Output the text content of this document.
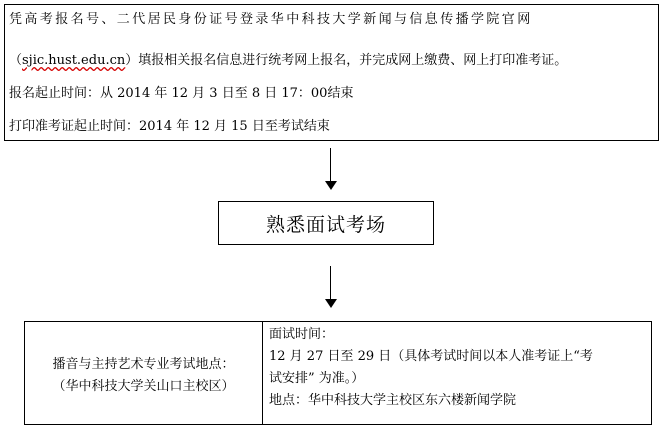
凭高考报名号、二代居民身份证号登录华中科技大学新闻与信息传播学院官网
（sjic.hust.edu.cn）填报相关报名信息进行统考网上报名，并完成网上缴费、网上打印准考证。
报名起止时间：从 2014 年 12 月 3 日至 8 日 17：00结束
打印准考证起止时间：2014 年 12 月 15 日至考试结束
熟悉面试考场
播音与主持艺术专业考试地点：
（华中科技大学关山口主校区）
面试时间：
12 月 27 日至 29 日（具体考试时间以本人准考证上“考
试安排” 为准。）
地点：华中科技大学主校区东六楼新闻学院
